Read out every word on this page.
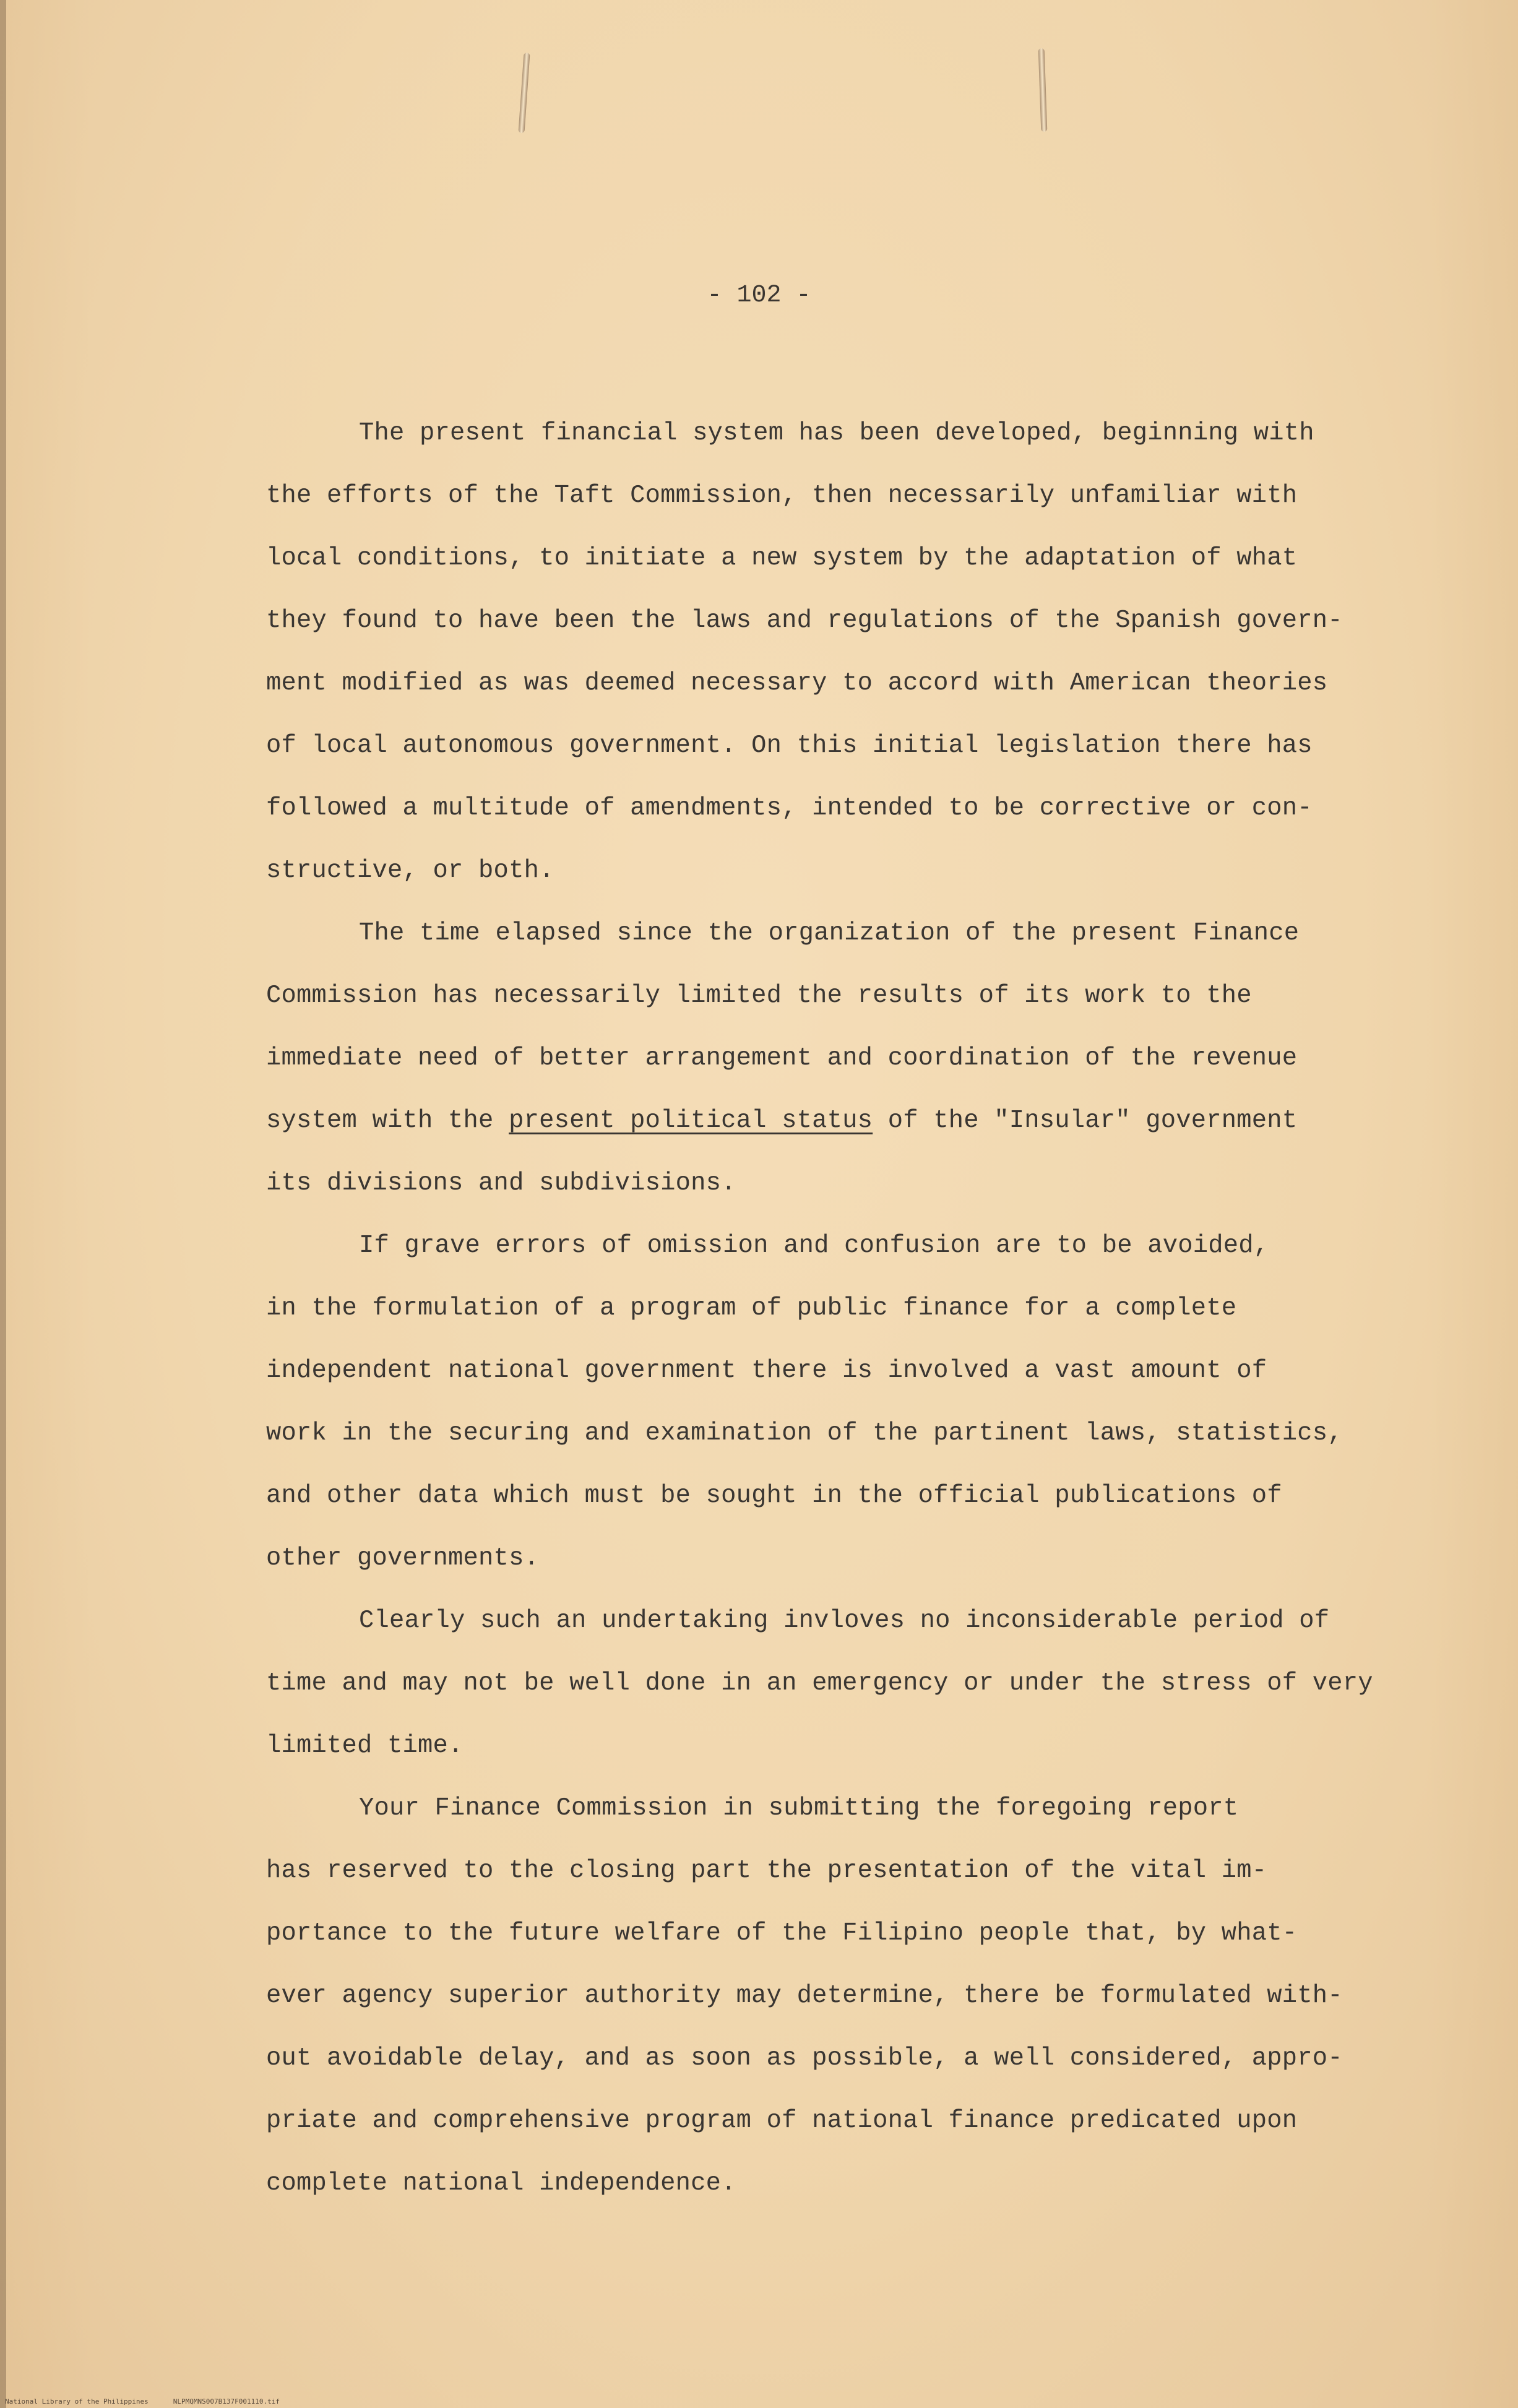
- 102 -
The present financial system has been developed, beginning with
the efforts of the Taft Commission, then necessarily unfamiliar with
local conditions, to initiate a new system by the adaptation of what
they found to have been the laws and regulations of the Spanish govern-
ment modified as was deemed necessary to accord with American theories
of local autonomous government. On this initial legislation there has
followed a multitude of amendments, intended to be corrective or con-
structive, or both.
The time elapsed since the organization of the present Finance
Commission has necessarily limited the results of its work to the
immediate need of better arrangement and coordination of the revenue
system with the present political status of the "Insular" government
its divisions and subdivisions.
If grave errors of omission and confusion are to be avoided,
in the formulation of a program of public finance for a complete
independent national government there is involved a vast amount of
work in the securing and examination of the partinent laws, statistics,
and other data which must be sought in the official publications of
other governments.
Clearly such an undertaking invloves no inconsiderable period of
time and may not be well done in an emergency or under the stress of very
limited time.
Your Finance Commission in submitting the foregoing report
has reserved to the closing part the presentation of the vital im-
portance to the future welfare of the Filipino people that, by what-
ever agency superior authority may determine, there be formulated with-
out avoidable delay, and as soon as possible, a well considered, appro-
priate and comprehensive program of national finance predicated upon
complete national independence.
National Library of the Philippines	NLPMQMNS007B137F001110.tif
